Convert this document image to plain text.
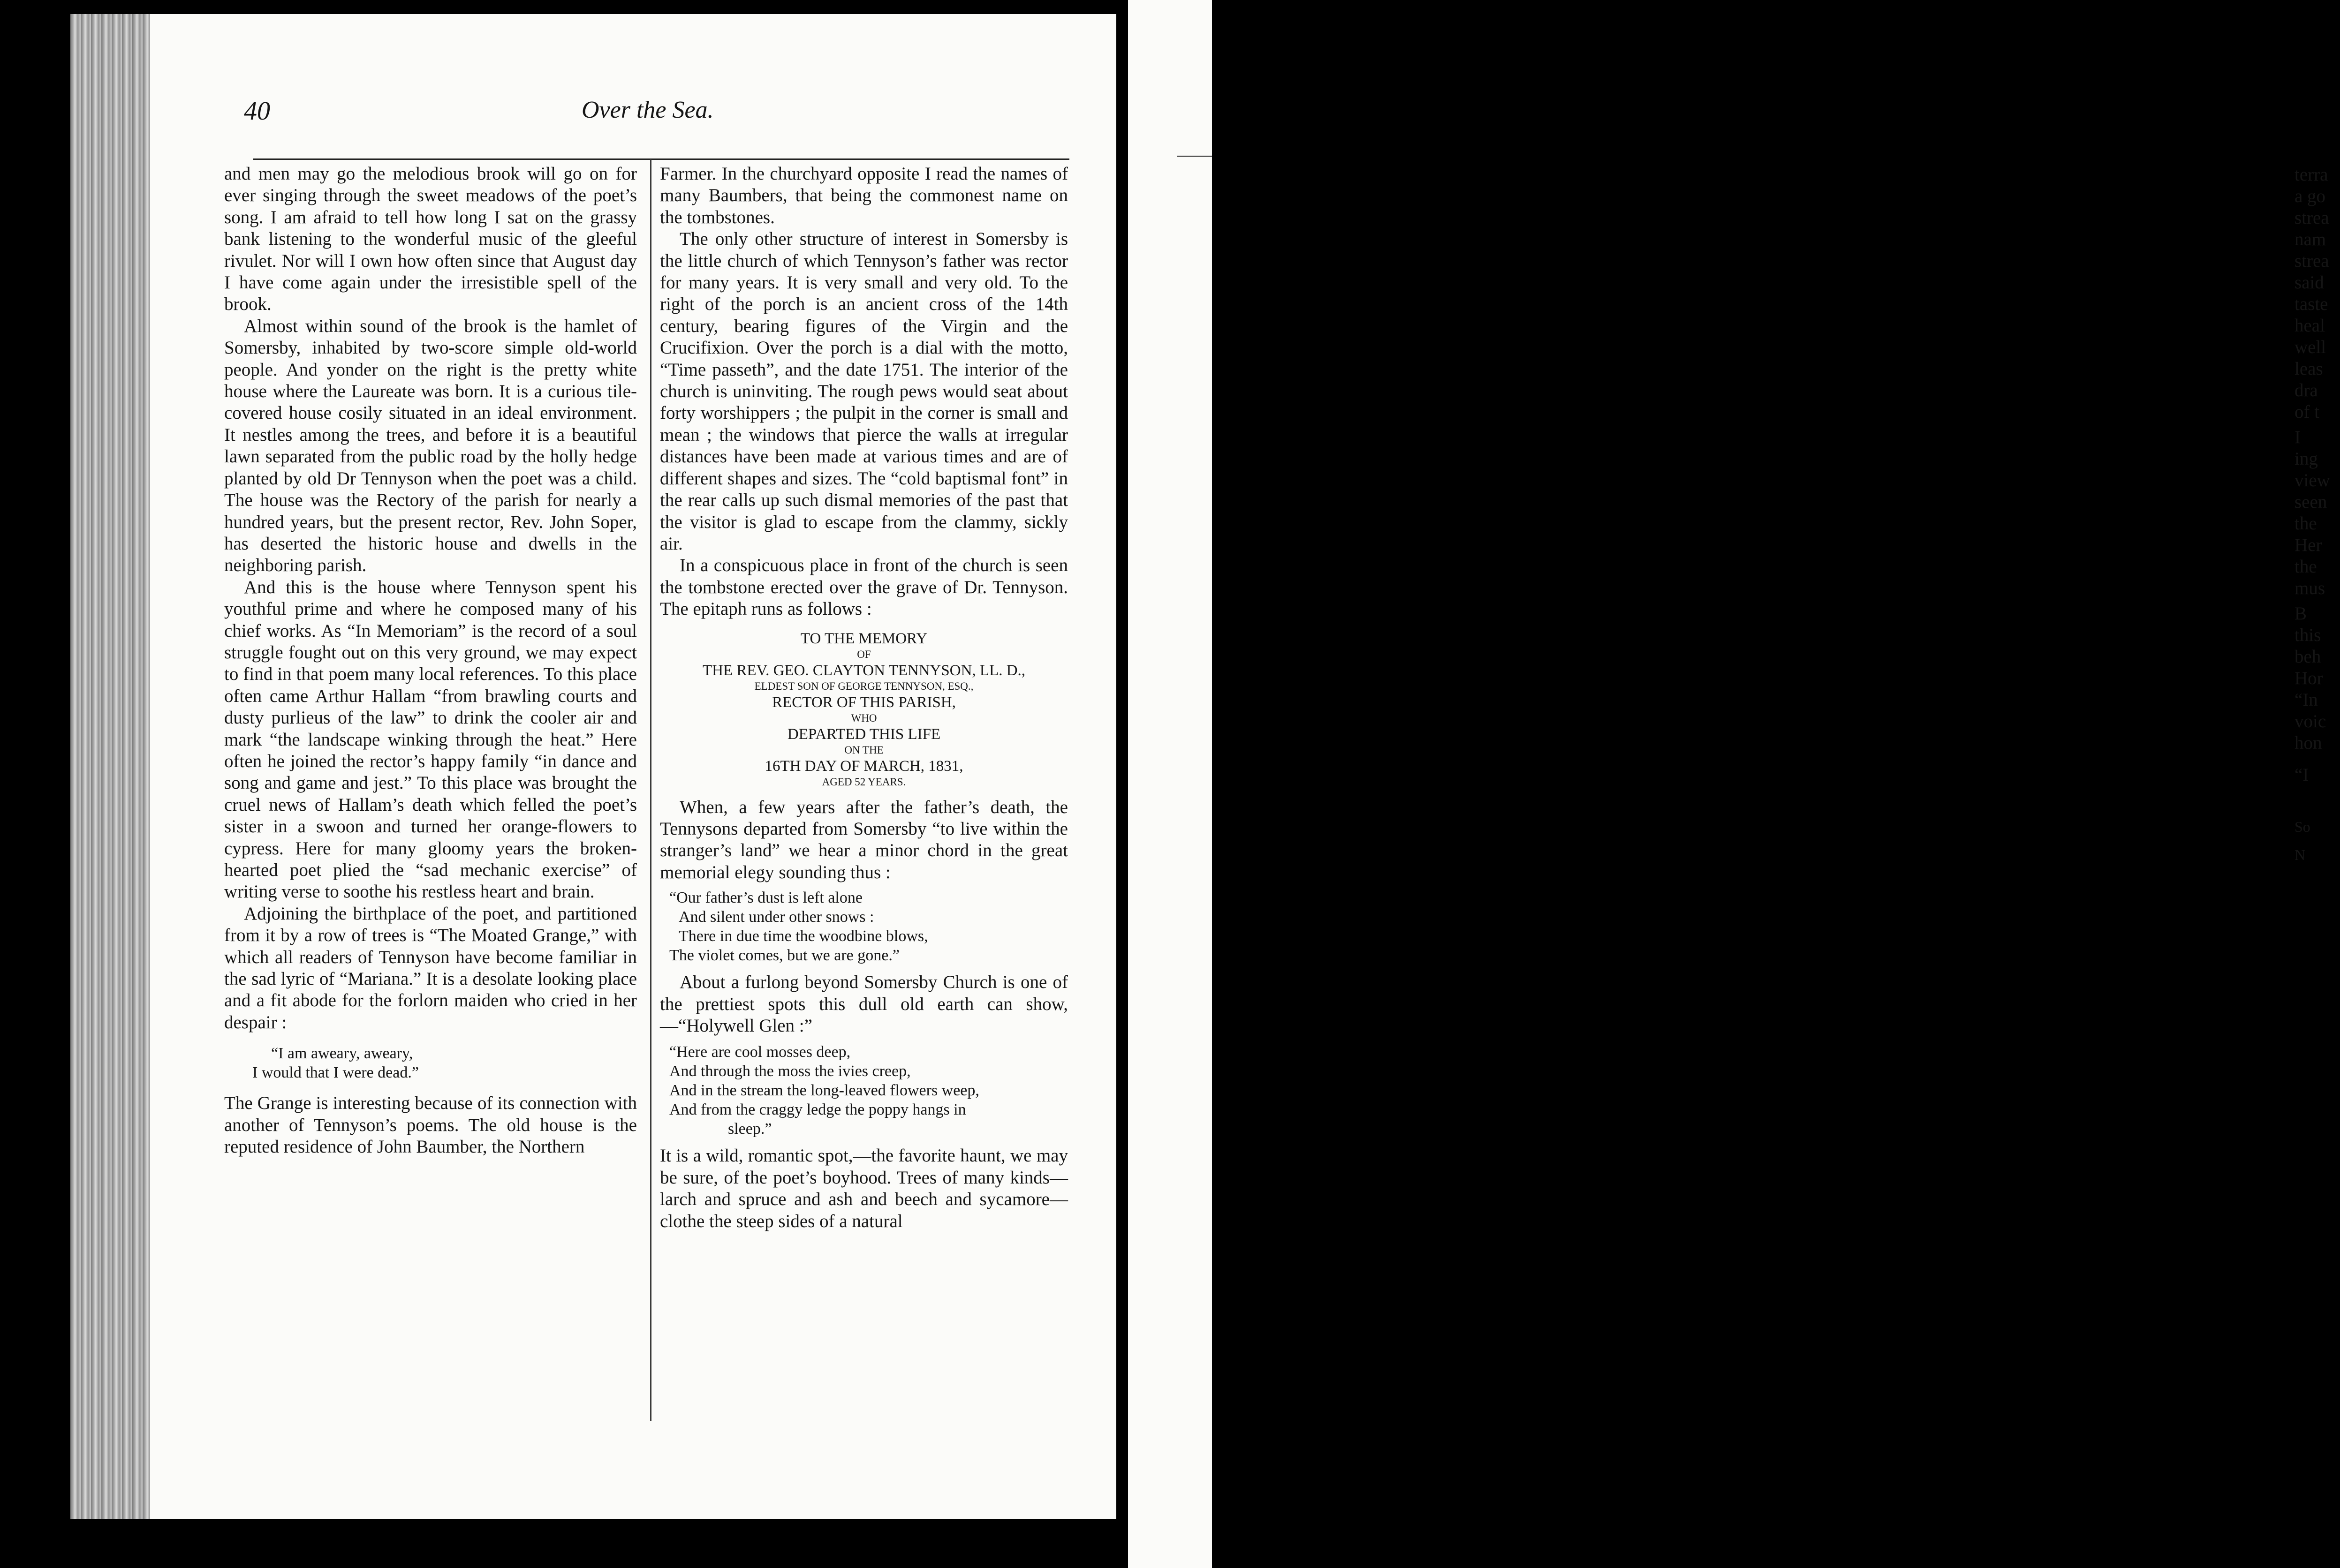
40	Over the Sea.

and men may go the melodious brook will go on for ever singing through the sweet meadows of the poet’s song. I am afraid to tell how long I sat on the grassy bank listening to the wonderful music of the gleeful rivulet. Nor will I own how often since that August day I have come again under the irresistible spell of the brook.

Almost within sound of the brook is the hamlet of Somersby, inhabited by two-score simple old-world people. And yonder on the right is the pretty white house where the Laureate was born. It is a curious tile-covered house cosily situated in an ideal environment. It nestles among the trees, and before it is a beautiful lawn separated from the public road by the holly hedge planted by old Dr Tennyson when the poet was a child. The house was the Rectory of the parish for nearly a hundred years, but the present rector, Rev. John Soper, has deserted the historic house and dwells in the neighboring parish.

And this is the house where Tennyson spent his youthful prime and where he composed many of his chief works. As “In Memoriam” is the record of a soul struggle fought out on this very ground, we may expect to find in that poem many local references. To this place often came Arthur Hallam “from brawling courts and dusty purlieus of the law” to drink the cooler air and mark “the landscape winking through the heat.” Here often he joined the rector’s happy family “in dance and song and game and jest.” To this place was brought the cruel news of Hallam’s death which felled the poet’s sister in a swoon and turned her orange-flowers to cypress. Here for many gloomy years the broken-hearted poet plied the “sad mechanic exercise” of writing verse to soothe his restless heart and brain.

Adjoining the birthplace of the poet, and partitioned from it by a row of trees is “The Moated Grange,” with which all readers of Tennyson have become familiar in the sad lyric of “Mariana.” It is a desolate looking place and a fit abode for the forlorn maiden who cried in her despair :

“I am aweary, aweary,
I would that I were dead.”

The Grange is interesting because of its connection with another of Tennyson’s poems. The old house is the reputed residence of John Baumber, the Northern

Farmer. In the churchyard opposite I read the names of many Baumbers, that being the commonest name on the tombstones.

The only other structure of interest in Somersby is the little church of which Tennyson’s father was rector for many years. It is very small and very old. To the right of the porch is an ancient cross of the 14th century, bearing figures of the Virgin and the Crucifixion. Over the porch is a dial with the motto, “Time passeth”, and the date 1751. The interior of the church is uninviting. The rough pews would seat about forty worshippers ; the pulpit in the corner is small and mean ; the windows that pierce the walls at irregular distances have been made at various times and are of different shapes and sizes. The “cold baptismal font” in the rear calls up such dismal memories of the past that the visitor is glad to escape from the clammy, sickly air.

In a conspicuous place in front of the church is seen the tombstone erected over the grave of Dr. Tennyson. The epitaph runs as follows :

TO THE MEMORY
OF
THE REV. GEO. CLAYTON TENNYSON, LL. D.,
ELDEST SON OF GEORGE TENNYSON, ESQ.,
RECTOR OF THIS PARISH,
WHO
DEPARTED THIS LIFE
ON THE
16TH DAY OF MARCH, 1831,
AGED 52 YEARS.

When, a few years after the father’s death, the Tennysons departed from Somersby “to live within the stranger’s land” we hear a minor chord in the great memorial elegy sounding thus :

“Our father’s dust is left alone
And silent under other snows :
There in due time the woodbine blows,
The violet comes, but we are gone.”

About a furlong beyond Somersby Church is one of the prettiest spots this dull old earth can show,—“Holywell Glen :”

“Here are cool mosses deep,
And through the moss the ivies creep,
And in the stream the long-leaved flowers weep,
And from the craggy ledge the poppy hangs in
sleep.”

It is a wild, romantic spot,—the favorite haunt, we may be sure, of the poet’s boyhood. Trees of many kinds—larch and spruce and ash and beech and sycamore—clothe the steep sides of a natural

terra
a go
strea
nam
strea
said
taste
heal
well
leas
dra
of t
I
ing
view
seen
the
Her
the
mus
B
this
beh
Hor
“In
voic
hon
“I
So
N
